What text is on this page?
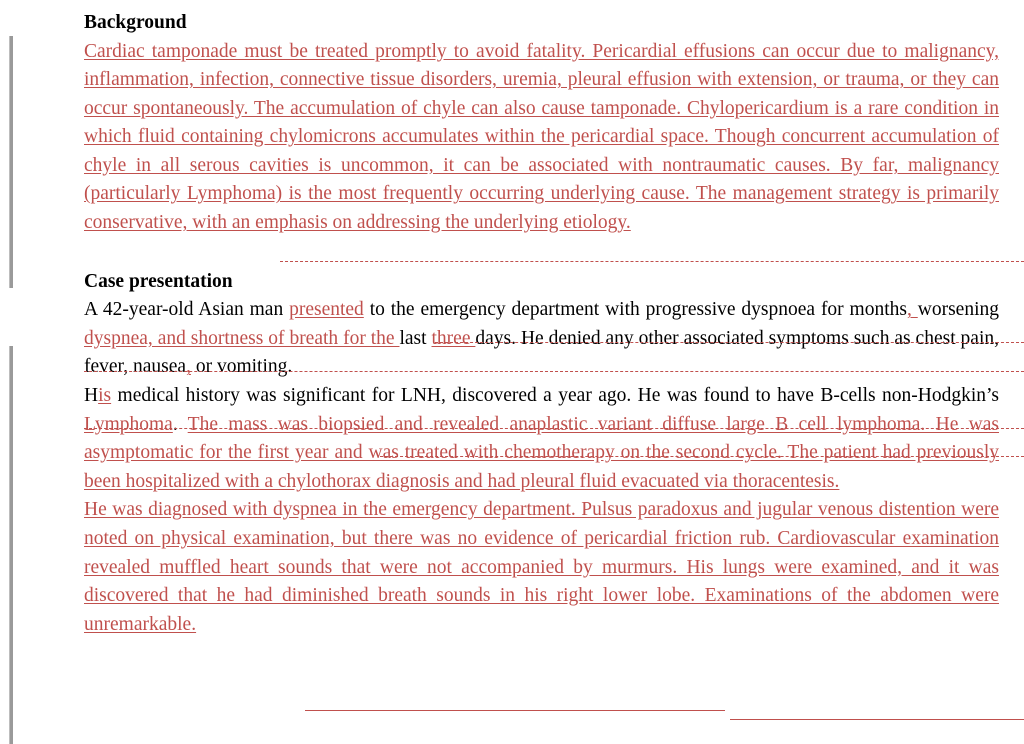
Background

Cardiac tamponade must be treated promptly to avoid fatality. Pericardial effusions can occur due to malignancy, inflammation, infection, connective tissue disorders, uremia, pleural effusion with extension, or trauma, or they can occur spontaneously. The accumulation of chyle can also cause tamponade. Chylopericardium is a rare condition in which fluid containing chylomicrons accumulates within the pericardial space. Though concurrent accumulation of chyle in all serous cavities is uncommon, it can be associated with nontraumatic causes. By far, malignancy (particularly Lymphoma) is the most frequently occurring underlying cause. The management strategy is primarily conservative, with an emphasis on addressing the underlying etiology.

Case presentation

A 42-year-old Asian man presented to the emergency department with progressive dyspnoea for months, worsening dyspnea, and shortness of breath for the last three days. He denied any other associated symptoms such as chest pain, fever, nausea, or vomiting.

His medical history was significant for LNH, discovered a year ago. He was found to have B-cells non-Hodgkin’s Lymphoma. The mass was biopsied and revealed anaplastic variant diffuse large B cell lymphoma. He was asymptomatic for the first year and was treated with chemotherapy on the second cycle. The patient had previously been hospitalized with a chylothorax diagnosis and had pleural fluid evacuated via thoracentesis.

He was diagnosed with dyspnea in the emergency department. Pulsus paradoxus and jugular venous distention were noted on physical examination, but there was no evidence of pericardial friction rub. Cardiovascular examination revealed muffled heart sounds that were not accompanied by murmurs. His lungs were examined, and it was discovered that he had diminished breath sounds in his right lower lobe. Examinations of the abdomen were unremarkable.
